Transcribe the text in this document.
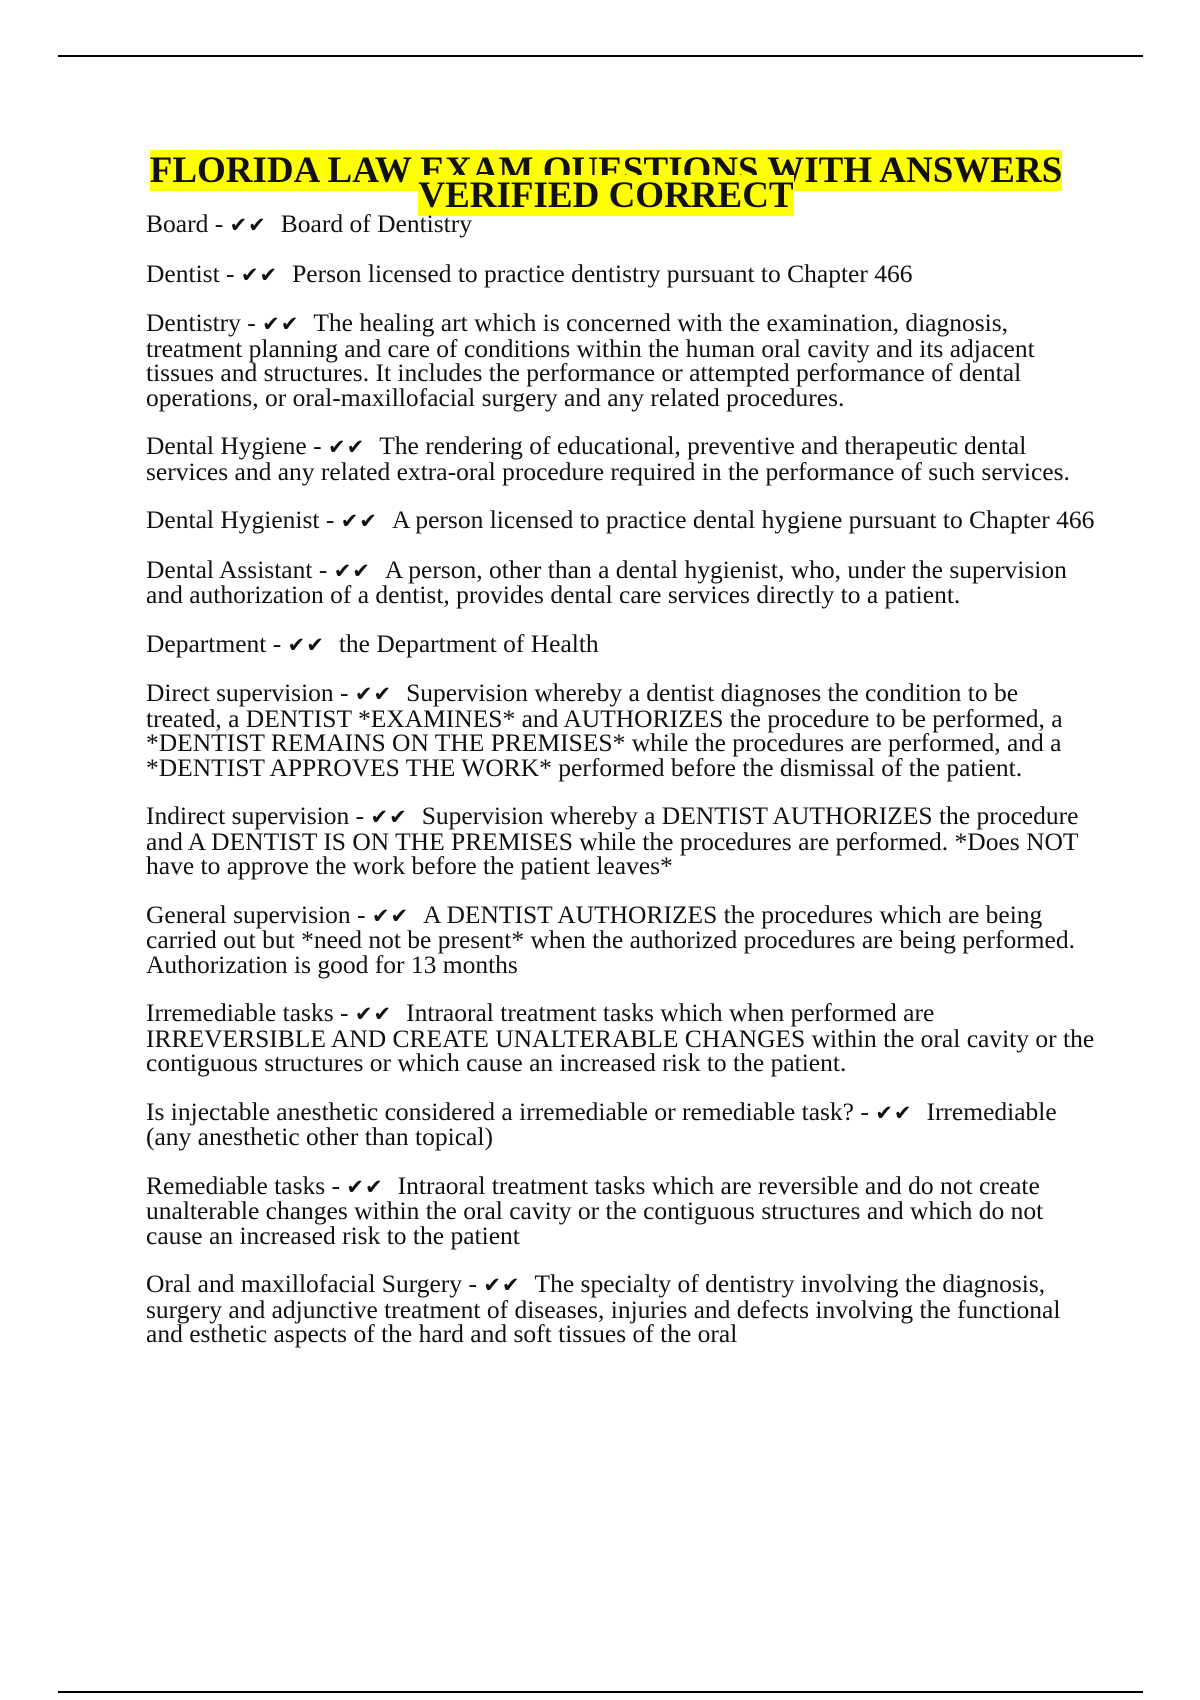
FLORIDA LAW EXAM QUESTIONS WITH ANSWERS VERIFIED CORRECT

Board - ✔✔ Board of Dentistry

Dentist - ✔✔ Person licensed to practice dentistry pursuant to Chapter 466

Dentistry - ✔✔ The healing art which is concerned with the examination, diagnosis, treatment planning and care of conditions within the human oral cavity and its adjacent tissues and structures. It includes the performance or attempted performance of dental operations, or oral-maxillofacial surgery and any related procedures.

Dental Hygiene - ✔✔ The rendering of educational, preventive and therapeutic dental services and any related extra-oral procedure required in the performance of such services.

Dental Hygienist - ✔✔ A person licensed to practice dental hygiene pursuant to Chapter 466

Dental Assistant - ✔✔ A person, other than a dental hygienist, who, under the supervision and authorization of a dentist, provides dental care services directly to a patient.

Department - ✔✔ the Department of Health

Direct supervision - ✔✔ Supervision whereby a dentist diagnoses the condition to be treated, a DENTIST *EXAMINES* and AUTHORIZES the procedure to be performed, a *DENTIST REMAINS ON THE PREMISES* while the procedures are performed, and a *DENTIST APPROVES THE WORK* performed before the dismissal of the patient.

Indirect supervision - ✔✔ Supervision whereby a DENTIST AUTHORIZES the procedure and A DENTIST IS ON THE PREMISES while the procedures are performed. *Does NOT have to approve the work before the patient leaves*

General supervision - ✔✔ A DENTIST AUTHORIZES the procedures which are being carried out but *need not be present* when the authorized procedures are being performed. Authorization is good for 13 months

Irremediable tasks - ✔✔ Intraoral treatment tasks which when performed are IRREVERSIBLE AND CREATE UNALTERABLE CHANGES within the oral cavity or the contiguous structures or which cause an increased risk to the patient.

Is injectable anesthetic considered a irremediable or remediable task? - ✔✔ Irremediable (any anesthetic other than topical)

Remediable tasks - ✔✔ Intraoral treatment tasks which are reversible and do not create unalterable changes within the oral cavity or the contiguous structures and which do not cause an increased risk to the patient

Oral and maxillofacial Surgery - ✔✔ The specialty of dentistry involving the diagnosis, surgery and adjunctive treatment of diseases, injuries and defects involving the functional and esthetic aspects of the hard and soft tissues of the oral
